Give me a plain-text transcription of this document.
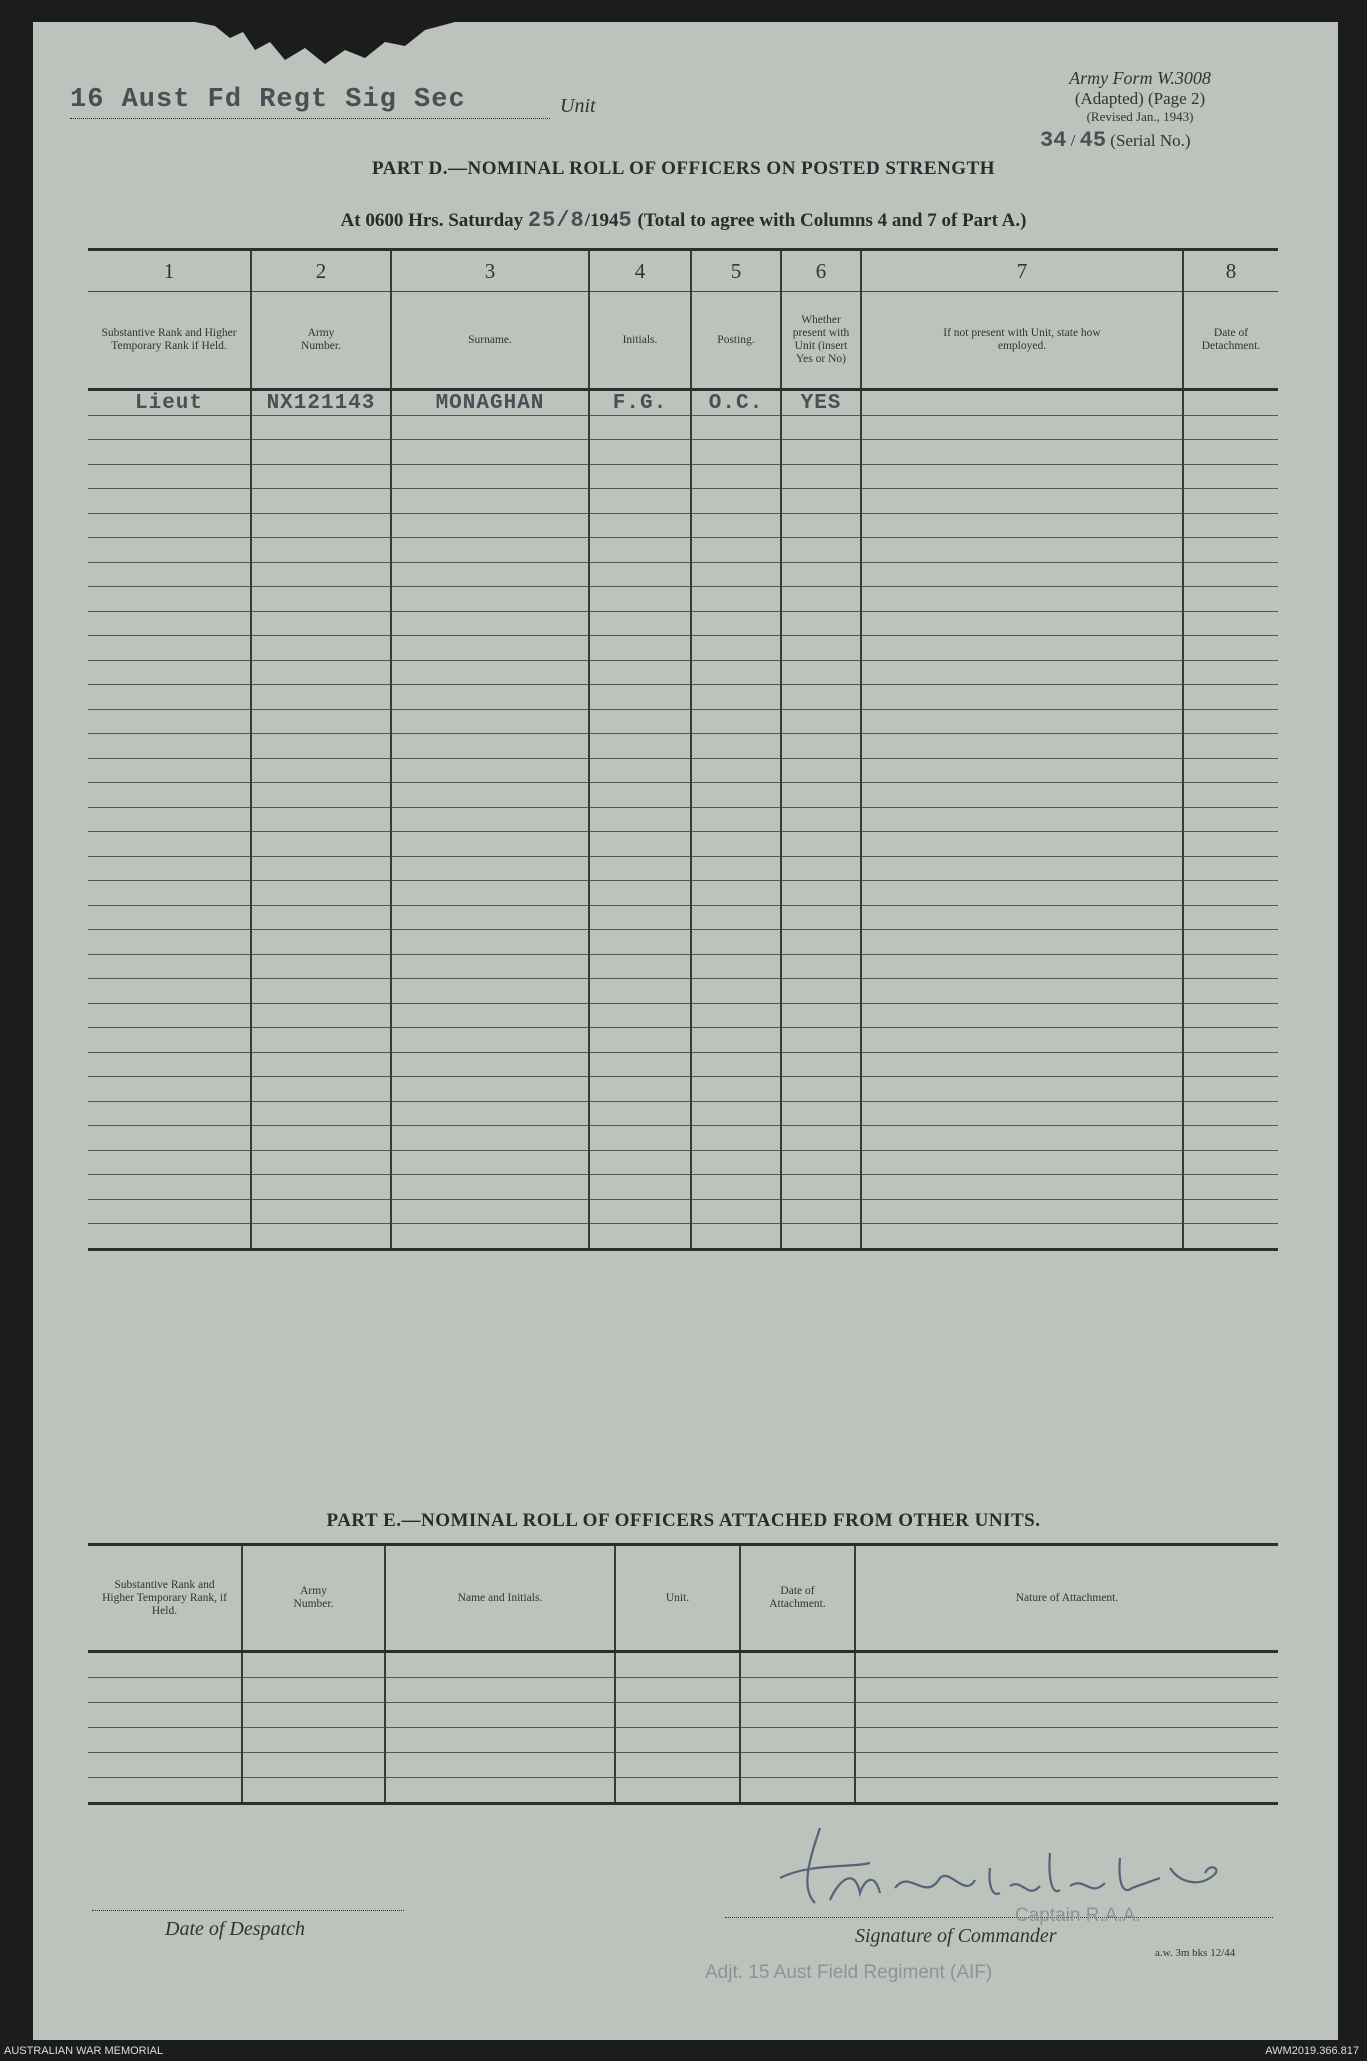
16 Aust Fd Regt Sig Sec	Unit
Army Form W.3008
(Adapted) (Page 2)
(Revised Jan., 1943)
34 / 45 (Serial No.)
PART D.—NOMINAL ROLL OF OFFICERS ON POSTED STRENGTH
At 0600 Hrs. Saturday 25/8/1945 (Total to agree with Columns 4 and 7 of Part A.)
1	2	3	4	5	6	7	8
Substantive Rank and Higher Temporary Rank if Held.	Army Number.	Surname.	Initials.	Posting.	Whether present with Unit (insert Yes or No)	If not present with Unit, state how employed.	Date of Detachment.
Lieut	NX121143	MONAGHAN	F.G.	O.C.	YES		

PART E.—NOMINAL ROLL OF OFFICERS ATTACHED FROM OTHER UNITS.
Substantive Rank and Higher Temporary Rank, if Held.	Army Number.	Name and Initials.	Unit.	Date of Attachment.	Nature of Attachment.

Date of Despatch
Captain R.A.A.
Signature of Commander
a.w. 3m bks 12/44
Adjt. 15 Aust Field Regiment (AIF)
AUSTRALIAN WAR MEMORIAL	AWM2019.366.817
